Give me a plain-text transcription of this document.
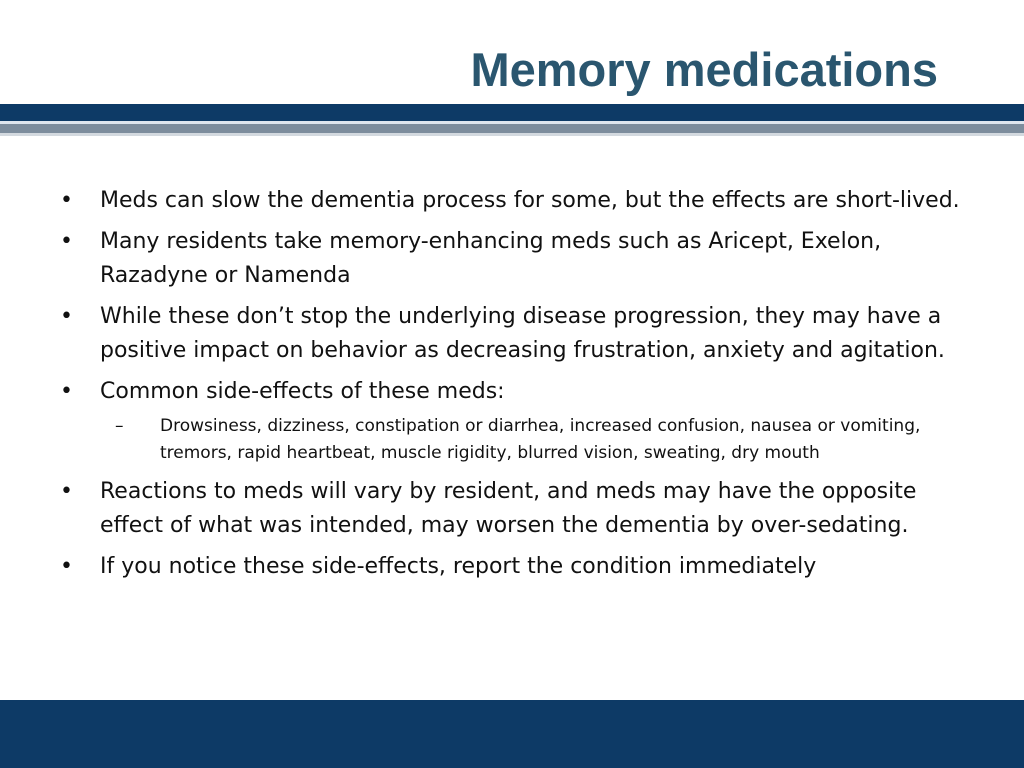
Memory medications
•	Meds can slow the dementia process for some, but the effects are short-lived.
•	Many residents take memory-enhancing meds such as Aricept, Exelon, Razadyne or Namenda
•	While these don’t stop the underlying disease progression, they may have a positive impact on behavior as decreasing frustration, anxiety and agitation.
•	Common side-effects of these meds:
– Drowsiness, dizziness, constipation or diarrhea, increased confusion, nausea or vomiting, tremors, rapid heartbeat, muscle rigidity, blurred vision, sweating, dry mouth
•	Reactions to meds will vary by resident, and meds may have the opposite effect of what was intended, may worsen the dementia by over-sedating.
•	If you notice these side-effects, report the condition immediately
